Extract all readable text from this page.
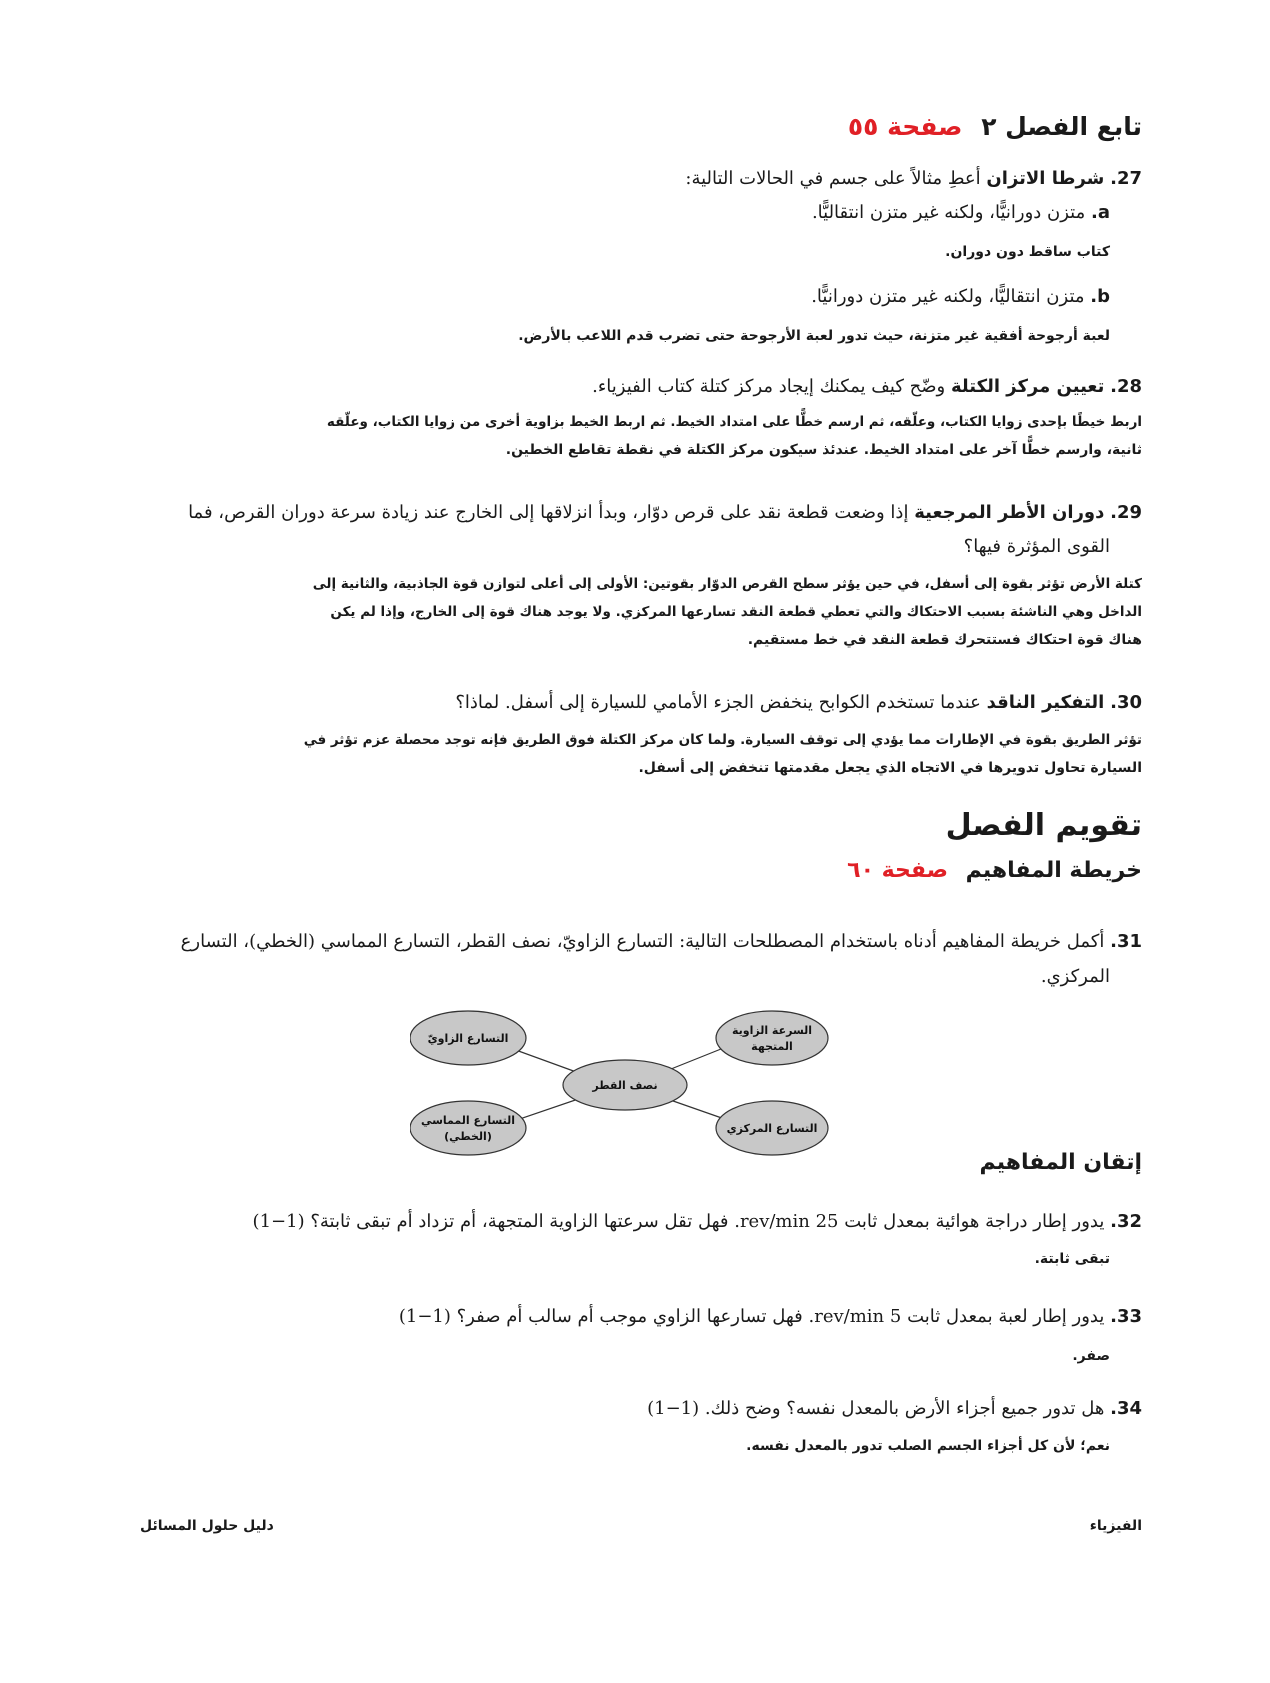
تابع الفصل ٢ صفحة ٥٥
27. شرطا الاتزان أعطِ مثالاً على جسم في الحالات التالية:
a. متزن دورانيًّا، ولكنه غير متزن انتقاليًّا.
كتاب ساقط دون دوران.
b. متزن انتقاليًّا، ولكنه غير متزن دورانيًّا.
لعبة أرجوحة أفقية غير متزنة، حيث تدور لعبة الأرجوحة حتى تضرب قدم اللاعب بالأرض.
28. تعيين مركز الكتلة وضّح كيف يمكنك إيجاد مركز كتلة كتاب الفيزياء.
اربط خيطًا بإحدى زوايا الكتاب، وعلّقه، ثم ارسم خطًّا على امتداد الخيط. ثم اربط الخيط بزاوية أخرى من زوايا الكتاب، وعلّقه
ثانية، وارسم خطًّا آخر على امتداد الخيط. عندئذ سيكون مركز الكتلة في نقطة تقاطع الخطين.
29. دوران الأطر المرجعية إذا وضعت قطعة نقد على قرص دوّار، وبدأ انزلاقها إلى الخارج عند زيادة سرعة دوران القرص، فما
القوى المؤثرة فيها؟
كتلة الأرض تؤثر بقوة إلى أسفل، في حين يؤثر سطح القرص الدوّار بقوتين: الأولى إلى أعلى لتوازن قوة الجاذبية، والثانية إلى
الداخل وهي الناشئة بسبب الاحتكاك والتي تعطي قطعة النقد تسارعها المركزي. ولا يوجد هناك قوة إلى الخارج، وإذا لم يكن
هناك قوة احتكاك فستتحرك قطعة النقد في خط مستقيم.
30. التفكير الناقد عندما تستخدم الكوابح ينخفض الجزء الأمامي للسيارة إلى أسفل. لماذا؟
تؤثر الطريق بقوة في الإطارات مما يؤدي إلى توقف السيارة. ولما كان مركز الكتلة فوق الطريق فإنه توجد محصلة عزم تؤثر في
السيارة تحاول تدويرها في الاتجاه الذي يجعل مقدمتها تنخفض إلى أسفل.
تقويم الفصل
خريطة المفاهيم صفحة ٦٠
31. أكمل خريطة المفاهيم أدناه باستخدام المصطلحات التالية: التسارع الزاويّ، نصف القطر، التسارع المماسي (الخطي)، التسارع
المركزي.
نصف القطر
التسارع الزاويّ
التسارع المماسي
(الخطي)
السرعة الزاوية
المتجهة
التسارع المركزي
إتقان المفاهيم
32. يدور إطار دراجة هوائية بمعدل ثابت 25 rev/min. فهل تقل سرعتها الزاوية المتجهة، أم تزداد أم تبقى ثابتة؟ (1−1)
تبقى ثابتة.
33. يدور إطار لعبة بمعدل ثابت 5 rev/min. فهل تسارعها الزاوي موجب أم سالب أم صفر؟ (1−1)
صفر.
34. هل تدور جميع أجزاء الأرض بالمعدل نفسه؟ وضح ذلك. (1−1)
نعم؛ لأن كل أجزاء الجسم الصلب تدور بالمعدل نفسه.
الفيزياء
دليل حلول المسائل
